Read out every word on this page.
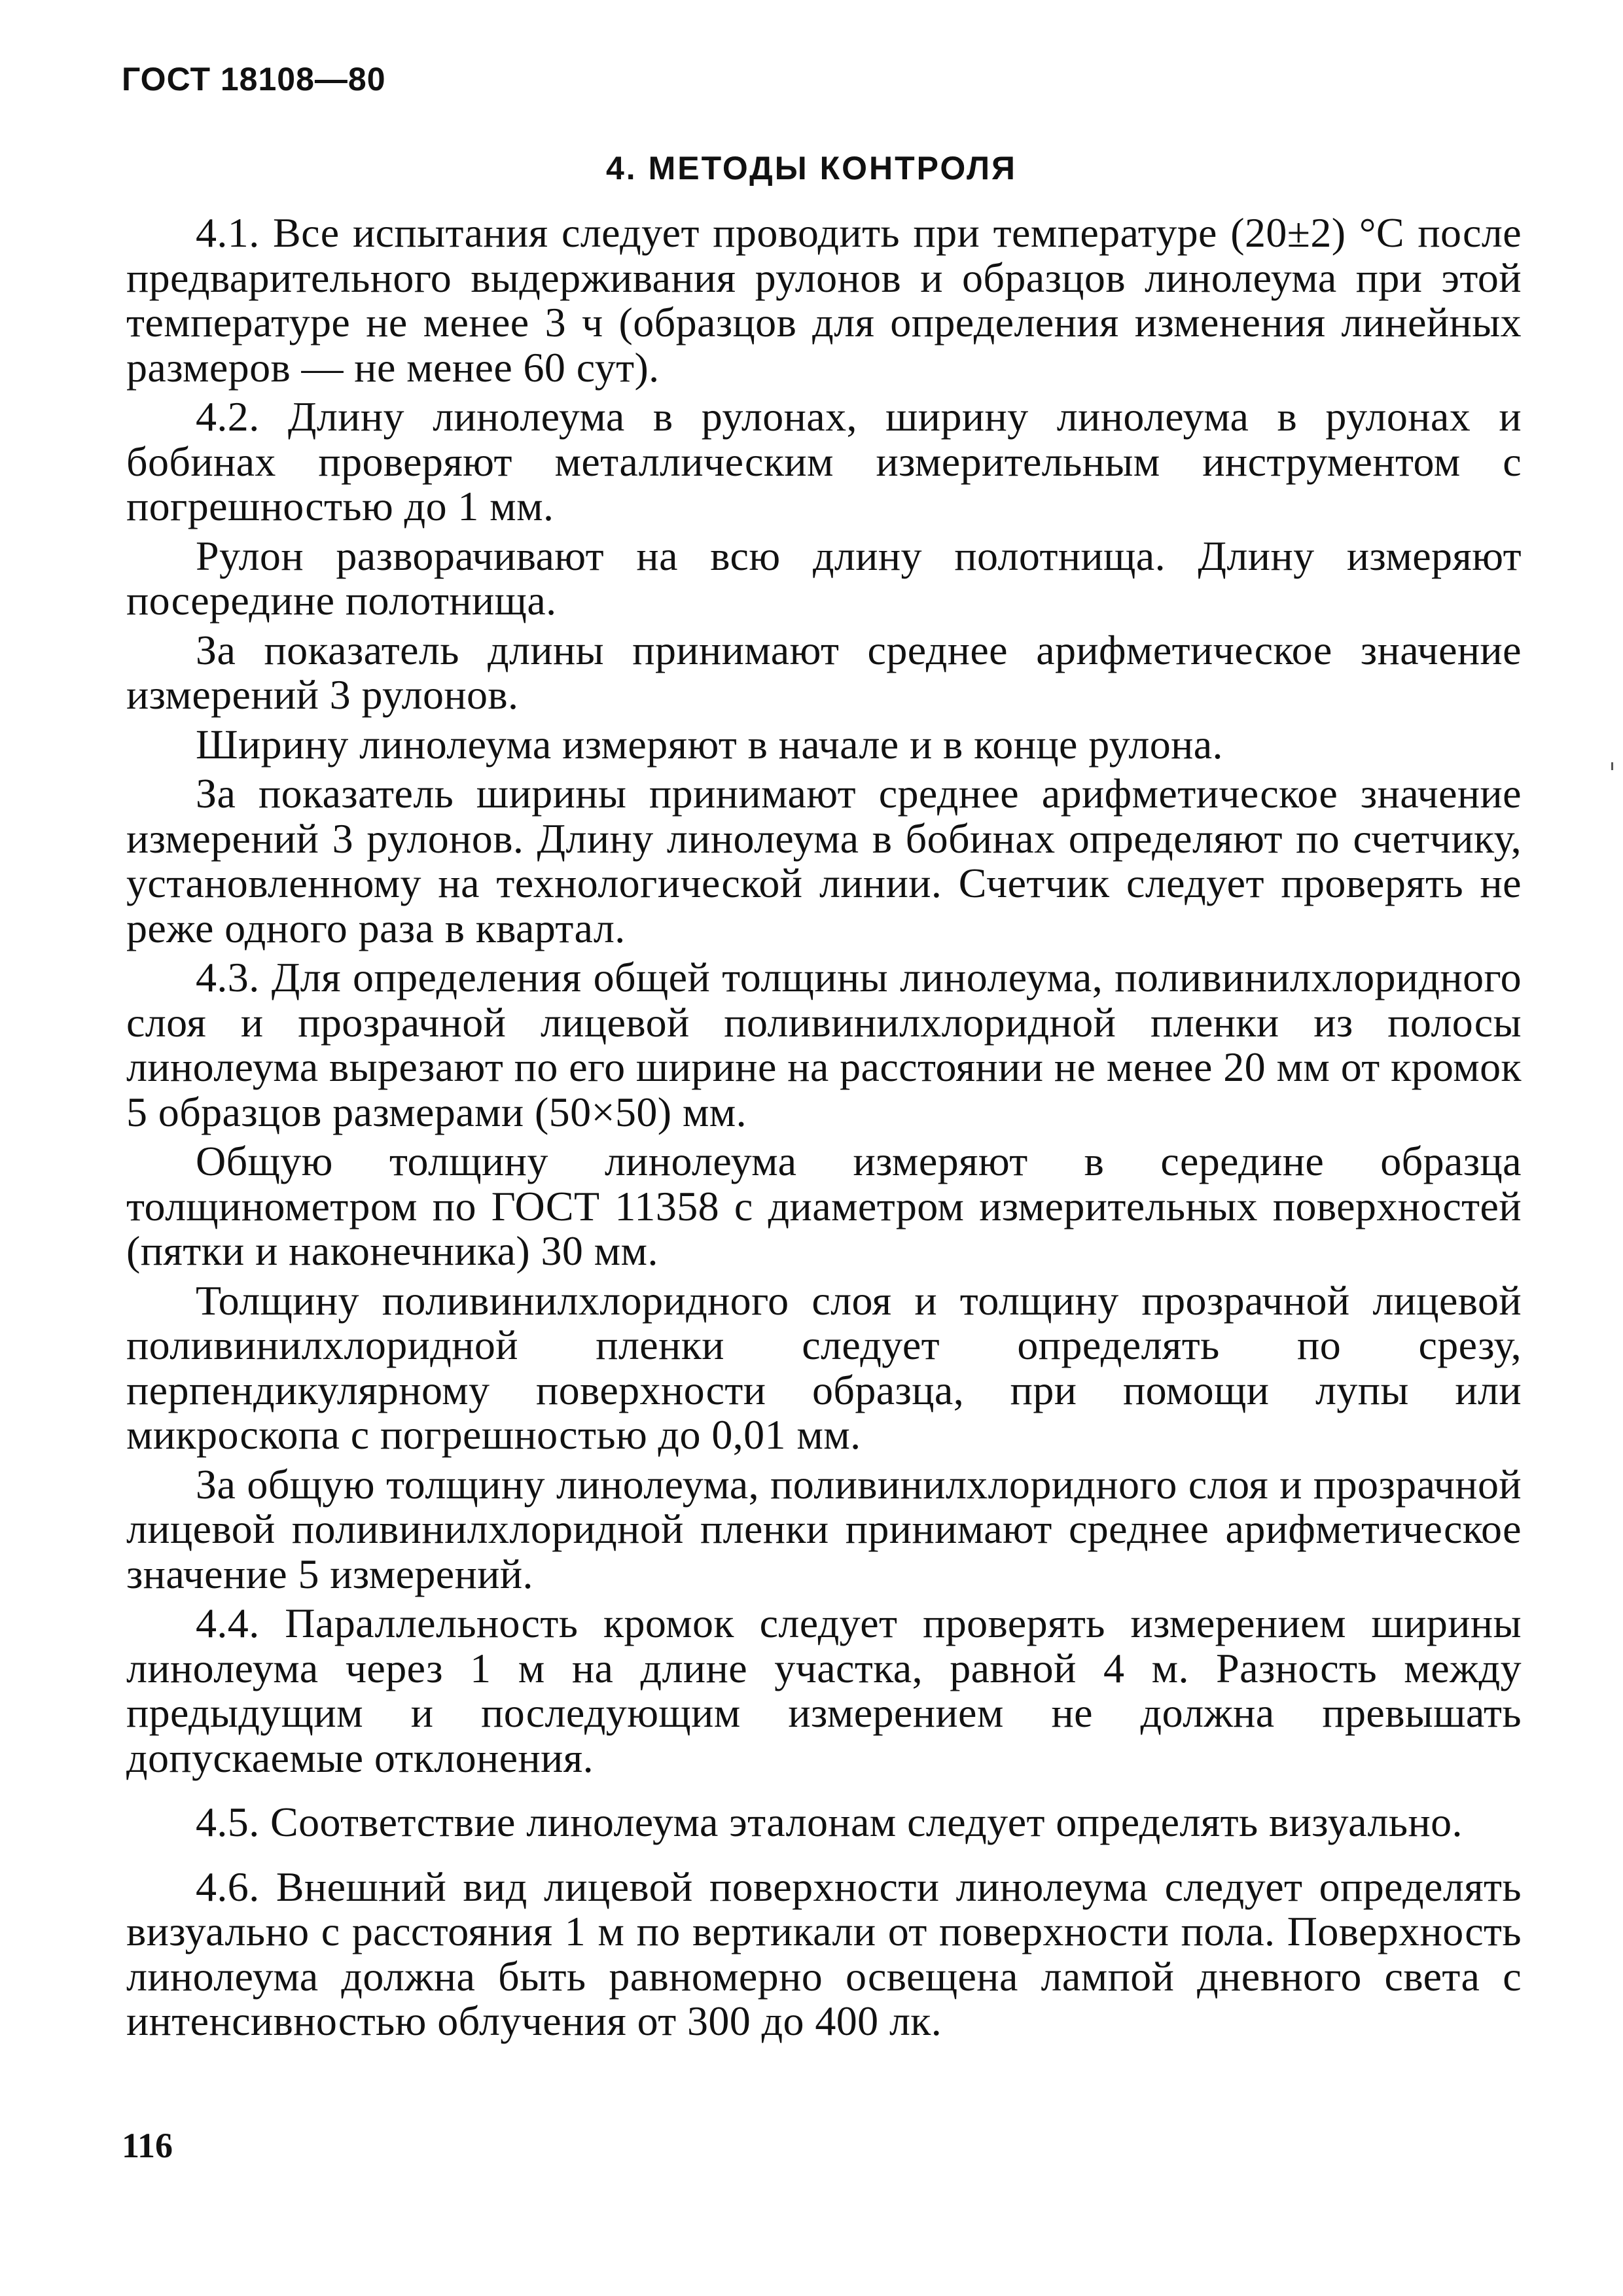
ГОСТ 18108—80
4. МЕТОДЫ КОНТРОЛЯ

4.1. Все испытания следует проводить при температуре (20±2) °С после предварительного выдерживания рулонов и образцов линолеума при этой температуре не менее 3 ч (образцов для определения изменения линейных размеров — не менее 60 сут).

4.2. Длину линолеума в рулонах, ширину линолеума в рулонах и бобинах проверяют металлическим измерительным инструментом с погрешностью до 1 мм.

Рулон разворачивают на всю длину полотнища. Длину измеряют посередине полотнища.

За показатель длины принимают среднее арифметическое значение измерений 3 рулонов.

Ширину линолеума измеряют в начале и в конце рулона.

За показатель ширины принимают среднее арифметическое значение измерений 3 рулонов. Длину линолеума в бобинах определяют по счетчику, установленному на технологической линии. Счетчик следует проверять не реже одного раза в квартал.

4.3. Для определения общей толщины линолеума, поливинилхлоридного слоя и прозрачной лицевой поливинилхлоридной пленки из полосы линолеума вырезают по его ширине на расстоянии не менее 20 мм от кромок 5 образцов размерами (50×50) мм.

Общую толщину линолеума измеряют в середине образца толщинометром по ГОСТ 11358 с диаметром измерительных поверхностей (пятки и наконечника) 30 мм.

Толщину поливинилхлоридного слоя и толщину прозрачной лицевой поливинилхлоридной пленки следует определять по срезу, перпендикулярному поверхности образца, при помощи лупы или микроскопа с погрешностью до 0,01 мм.

За общую толщину линолеума, поливинилхлоридного слоя и прозрачной лицевой поливинилхлоридной пленки принимают среднее арифметическое значение 5 измерений.

4.4. Параллельность кромок следует проверять измерением ширины линолеума через 1 м на длине участка, равной 4 м. Разность между предыдущим и последующим измерением не должна превышать допускаемые отклонения.

4.5. Соответствие линолеума эталонам следует определять визуально.

4.6. Внешний вид лицевой поверхности линолеума следует определять визуально с расстояния 1 м по вертикали от поверхности пола. Поверхность линолеума должна быть равномерно освещена лампой дневного света с интенсивностью облучения от 300 до 400 лк.

116
